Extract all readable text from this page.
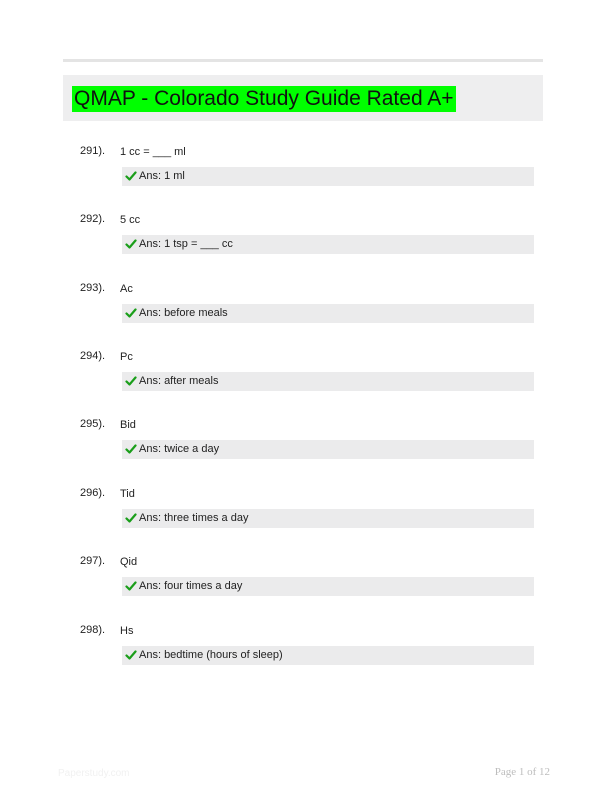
QMAP - Colorado Study Guide Rated A+
291). 1 cc = ___ ml
Ans: 1 ml
292). 5 cc
Ans: 1 tsp = ___ cc
293). Ac
Ans: before meals
294). Pc
Ans: after meals
295). Bid
Ans: twice a day
296). Tid
Ans: three times a day
297). Qid
Ans: four times a day
298). Hs
Ans: bedtime (hours of sleep)
Paperstudy.com	Page 1 of 12
